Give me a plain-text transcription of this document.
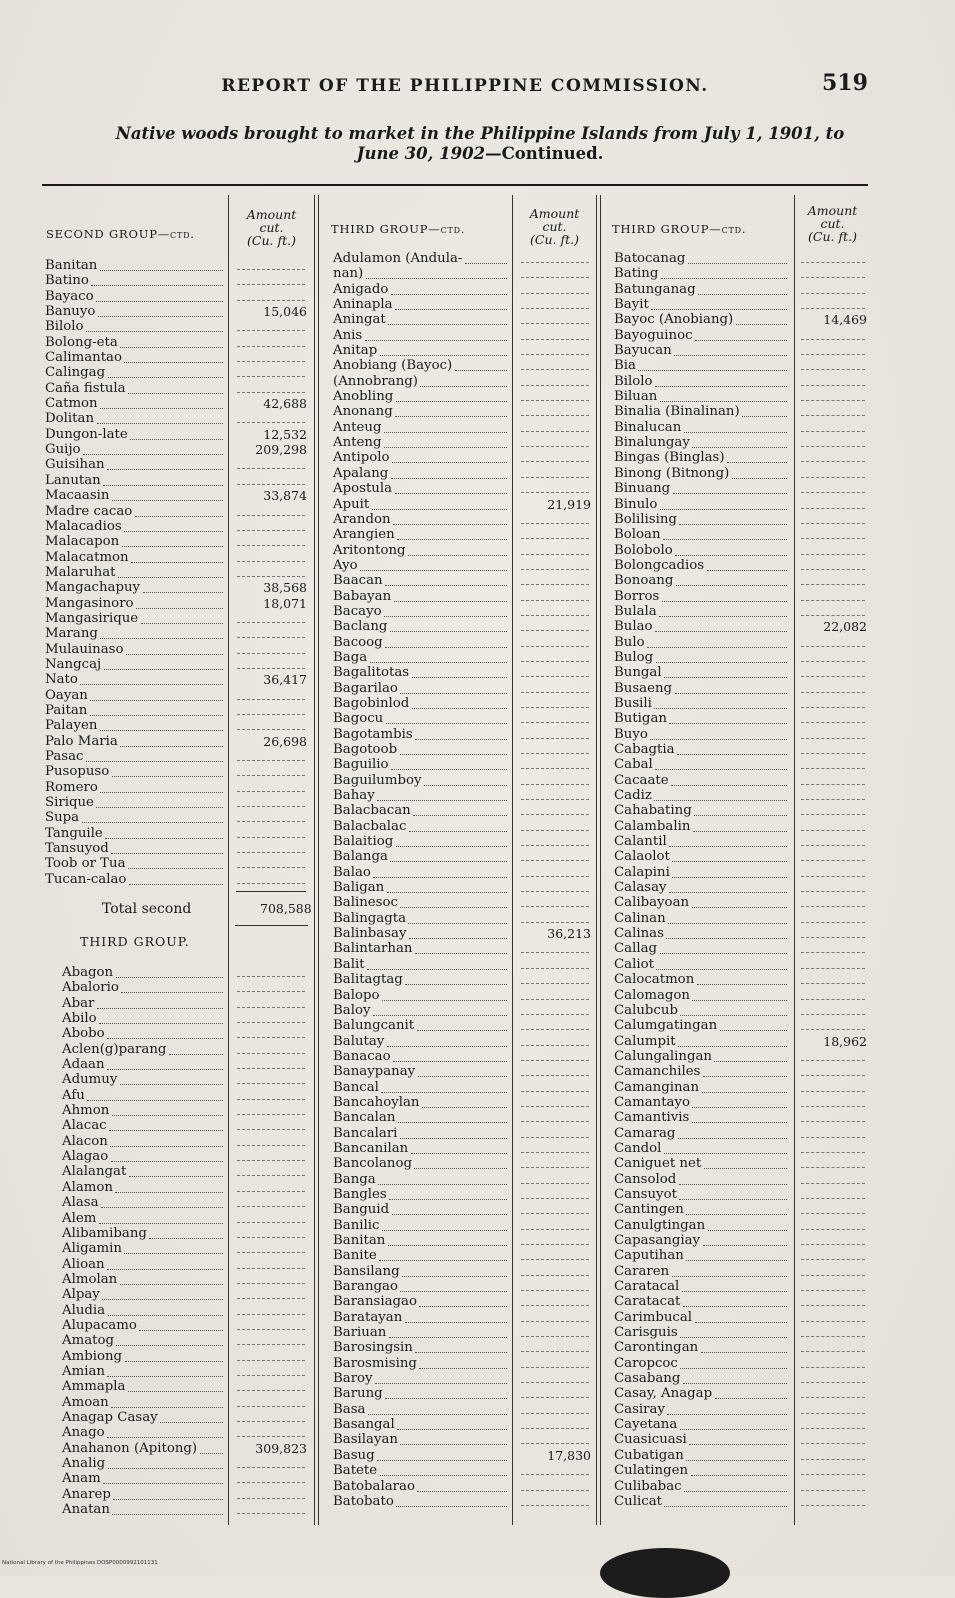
REPORT OF THE PHILIPPINE COMMISSION.	519
Native woods brought to market in the Philippine Islands from July 1, 1901, to
June 30, 1902—Continued.
SECOND GROUP—ctd.
Amount
cut.
(Cu. ft.)
THIRD GROUP—ctd.
Amount
cut.
(Cu. ft.)
THIRD GROUP—ctd.
Amount
cut.
(Cu. ft.)
Banitan
Batino
Bayaco
Banuyo	15,046
Bilolo
Bolong-eta
Calimantao
Calingag
Caña fistula
Catmon	42,688
Dolitan
Dungon-late	12,532
Guijo	209,298
Guisihan
Lanutan
Macaasin	33,874
Madre cacao
Malacadios
Malacapon
Malacatmon
Malaruhat
Mangachapuy	38,568
Mangasinoro	18,071
Mangasirique
Marang
Mulauinaso
Nangcaj
Nato	36,417
Oayan
Paitan
Palayen
Palo Maria	26,698
Pasac
Pusopuso
Romero
Sirique
Supa
Tanguile
Tansuyod
Toob or Tua
Tucan-calao
Total second	708,588
THIRD GROUP.
Abagon
Abalorio
Abar
Abilo
Abobo
Aclen(g)parang
Adaan
Adumuy
Afu
Ahmon
Alacac
Alacon
Alagao
Alalangat
Alamon
Alasa
Alem
Alibamibang
Aligamin
Alioan
Almolan
Alpay
Aludia
Alupacamo
Amatog
Ambiong
Amian
Ammapla
Amoan
Anagap Casay
Anago
Anahanon (Apitong)	309,823
Analig
Anam
Anarep
Anatan
Adulamon (Andula-
nan)
Anigado
Aninapla
Aningat
Anis
Anitap
Anobiang (Bayoc)
(Annobrang)
Anobling
Anonang
Anteug
Anteng
Antipolo
Apalang
Apostula
Apuit	21,919
Arandon
Arangien
Aritontong
Ayo
Baacan
Babayan
Bacayo
Baclang
Bacoog
Baga
Bagalitotas
Bagarilao
Bagobinlod
Bagocu
Bagotambis
Bagotoob
Baguilio
Baguilumboy
Bahay
Balacbacan
Balacbalac
Balaitiog
Balanga
Balao
Baligan
Balinesoc
Balingagta
Balinbasay	36,213
Balintarhan
Balit
Balitagtag
Balopo
Baloy
Balungcanit
Balutay
Banacao
Banaypanay
Bancal
Bancahoylan
Bancalan
Bancalari
Bancanilan
Bancolanog
Banga
Bangles
Banguid
Banilic
Banitan
Banite
Bansilang
Barangao
Baransiagao
Baratayan
Bariuan
Barosingsin
Barosmising
Baroy
Barung
Basa
Basangal
Basilayan
Basug	17,830
Batete
Batobalarao
Batobato
Batocanag
Bating
Batunganag
Bayit
Bayoc (Anobiang)	14,469
Bayoguinoc
Bayucan
Bia
Bilolo
Biluan
Binalia (Binalinan)
Binalucan
Binalungay
Bingas (Binglas)
Binong (Bitnong)
Binuang
Binulo
Bolilising
Boloan
Bolobolo
Bolongcadios
Bonoang
Borros
Bulala
Bulao	22,082
Bulo
Bulog
Bungal
Busaeng
Busili
Butigan
Buyo
Cabagtia
Cabal
Cacaate
Cadiz
Cahabating
Calambalin
Calantil
Calaolot
Calapini
Calasay
Calibayoan
Calinan
Calinas
Callag
Caliot
Calocatmon
Calomagon
Calubcub
Calumgatingan
Calumpit	18,962
Calungalingan
Camanchiles
Camanginan
Camantayo
Camantivis
Camarag
Candol
Caniguet net
Cansolod
Cansuyot
Cantingen
Canulgtingan
Capasangiay
Caputihan
Cararen
Caratacal
Caratacat
Carimbucal
Carisguis
Carontingan
Caropcoc
Casabang
Casay, Anagap
Casiray
Cayetana
Cuasicuasi
Cubatigan
Culatingen
Culibabac
Culicat
National Library of the Philippines DOSP0000992101131
